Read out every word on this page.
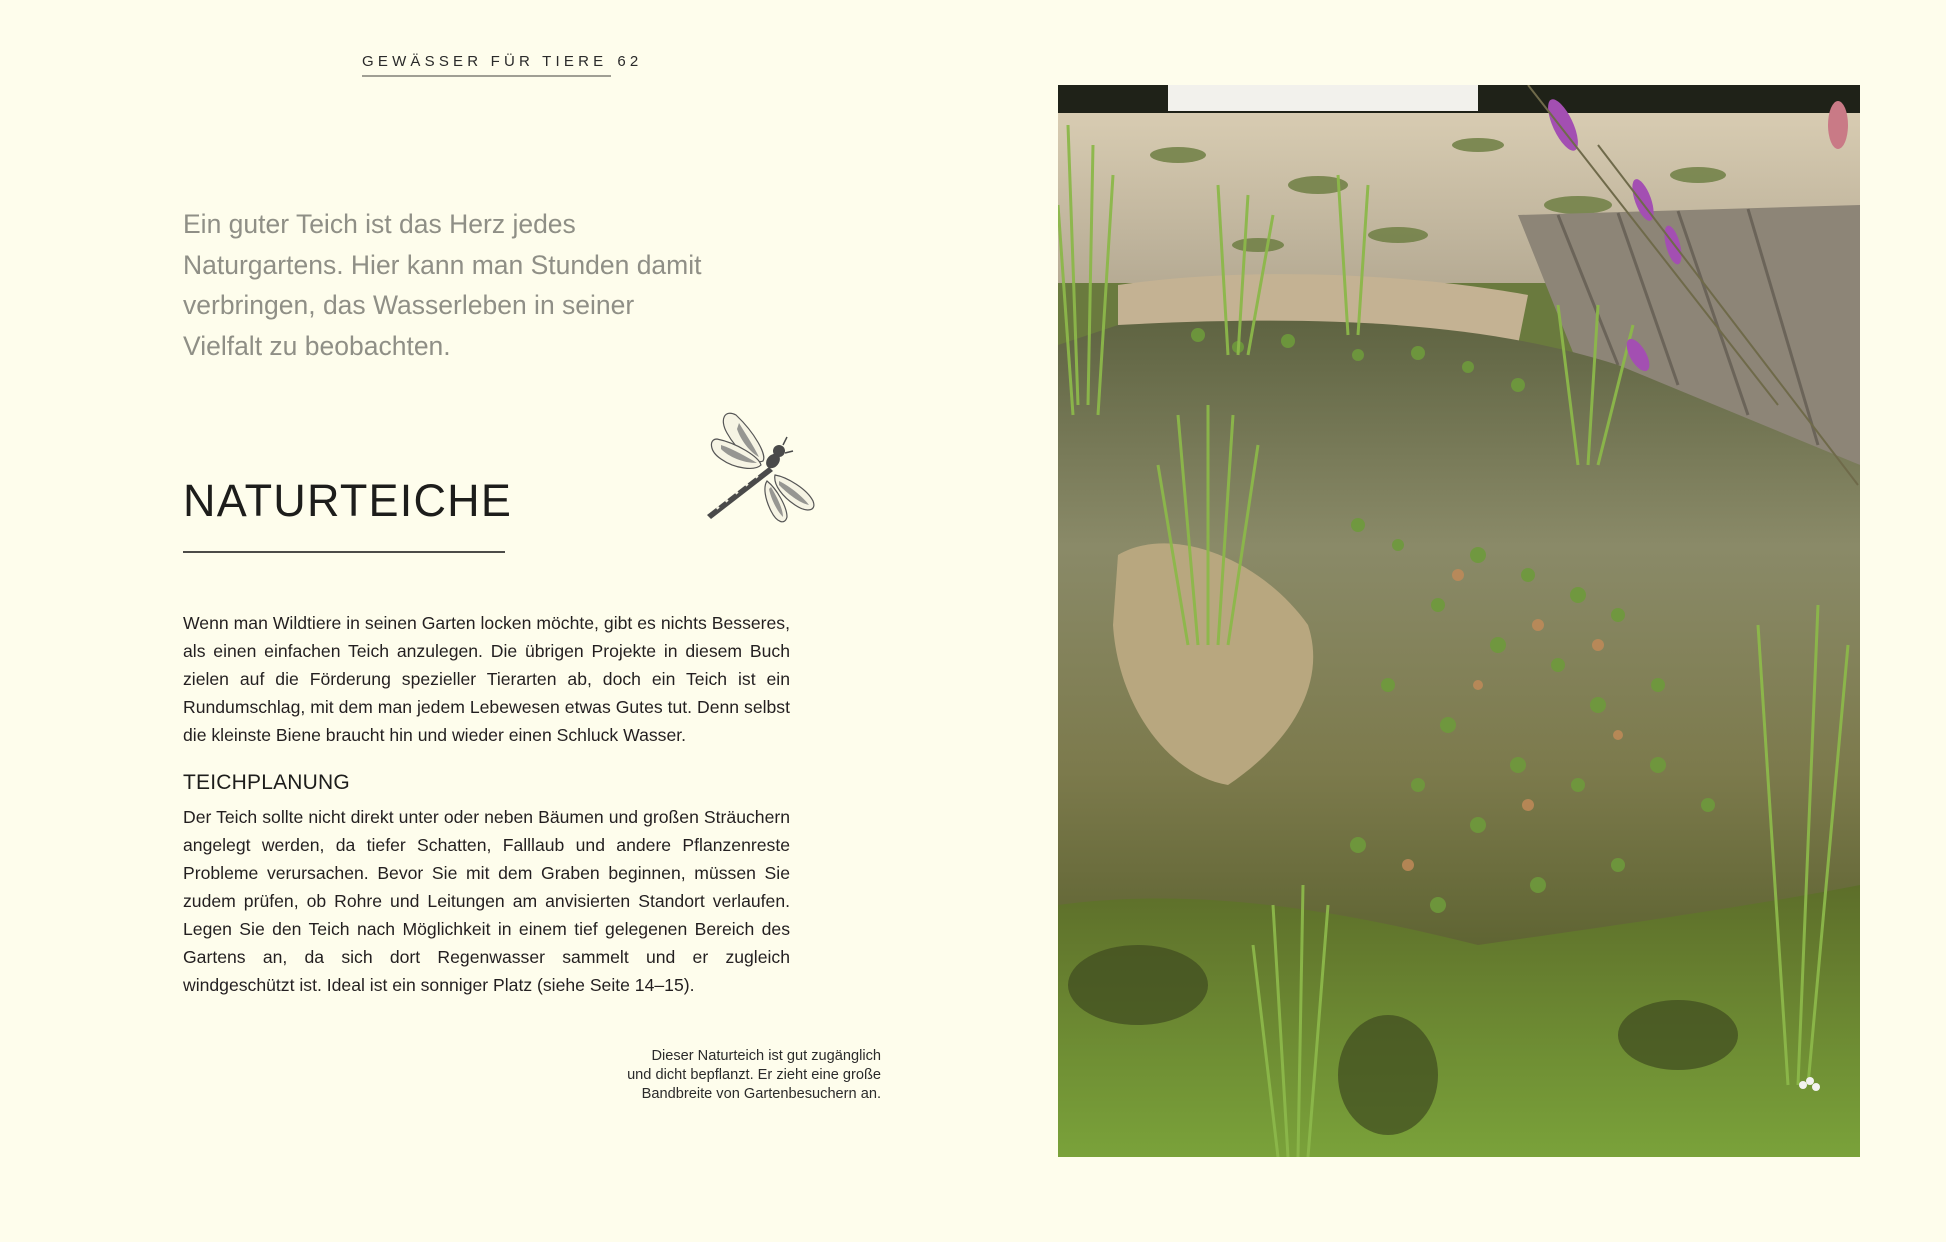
GEWÄSSER FÜR TIERE 62

Ein guter Teich ist das Herz jedes Naturgartens. Hier kann man Stunden damit verbringen, das Wasserleben in seiner Vielfalt zu beobachten.

NATURTEICHE

Wenn man Wildtiere in seinen Garten locken möchte, gibt es nichts Besseres, als einen einfachen Teich anzulegen. Die übrigen Projekte in diesem Buch zielen auf die Förderung spezieller Tierarten ab, doch ein Teich ist ein Rundumschlag, mit dem man jedem Lebewesen etwas Gutes tut. Denn selbst die kleinste Biene braucht hin und wieder einen Schluck Wasser.

TEICHPLANUNG

Der Teich sollte nicht direkt unter oder neben Bäumen und großen Sträuchern angelegt werden, da tiefer Schatten, Falllaub und andere Pflanzenreste Probleme verursachen. Bevor Sie mit dem Graben beginnen, müssen Sie zudem prüfen, ob Rohre und Leitungen am anvisierten Standort verlaufen. Legen Sie den Teich nach Möglichkeit in einem tief gelegenen Bereich des Gartens an, da sich dort Regenwasser sammelt und er zugleich windgeschützt ist. Ideal ist ein sonniger Platz (siehe Seite 14–15).

Dieser Naturteich ist gut zugänglich
und dicht bepflanzt. Er zieht eine große
Bandbreite von Gartenbesuchern an.
